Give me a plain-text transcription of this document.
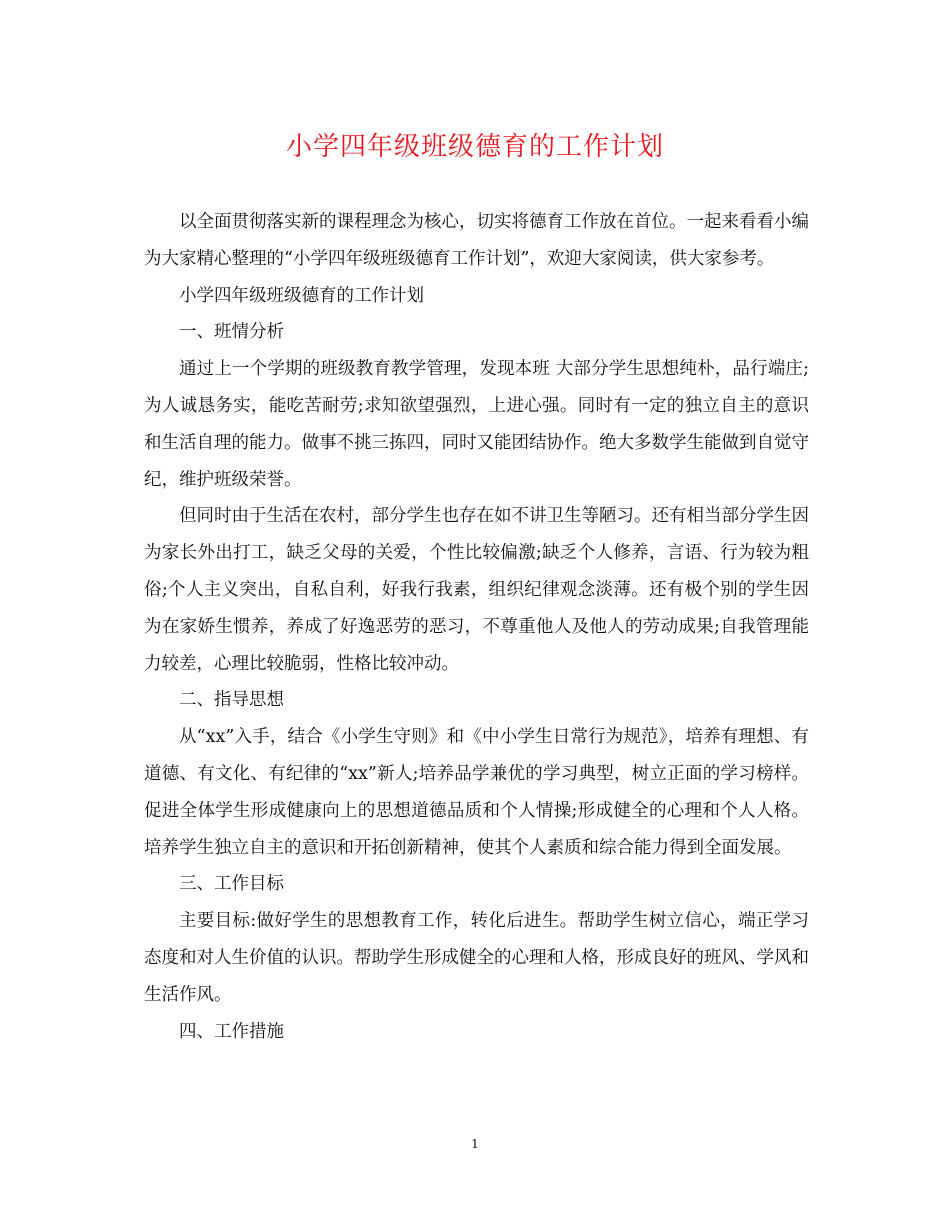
小学四年级班级德育的工作计划

以全面贯彻落实新的课程理念为核心，切实将德育工作放在首位。一起来看看小编为大家精心整理的“小学四年级班级德育工作计划”，欢迎大家阅读，供大家参考。

小学四年级班级德育的工作计划

一、班情分析

通过上一个学期的班级教育教学管理，发现本班 大部分学生思想纯朴，品行端庄;为人诚恳务实，能吃苦耐劳;求知欲望强烈，上进心强。同时有一定的独立自主的意识和生活自理的能力。做事不挑三拣四，同时又能团结协作。绝大多数学生能做到自觉守纪，维护班级荣誉。

但同时由于生活在农村，部分学生也存在如不讲卫生等陋习。还有相当部分学生因为家长外出打工，缺乏父母的关爱，个性比较偏激;缺乏个人修养，言语、行为较为粗俗;个人主义突出，自私自利，好我行我素，组织纪律观念淡薄。还有极个别的学生因为在家娇生惯养，养成了好逸恶劳的恶习，不尊重他人及他人的劳动成果;自我管理能力较差，心理比较脆弱，性格比较冲动。

二、指导思想

从“xx”入手，结合《小学生守则》和《中小学生日常行为规范》，培养有理想、有道德、有文化、有纪律的“xx”新人;培养品学兼优的学习典型，树立正面的学习榜样。促进全体学生形成健康向上的思想道德品质和个人情操;形成健全的心理和个人人格。培养学生独立自主的意识和开拓创新精神，使其个人素质和综合能力得到全面发展。

三、工作目标

主要目标:做好学生的思想教育工作，转化后进生。帮助学生树立信心，端正学习态度和对人生价值的认识。帮助学生形成健全的心理和人格，形成良好的班风、学风和生活作风。

四、工作措施

1
